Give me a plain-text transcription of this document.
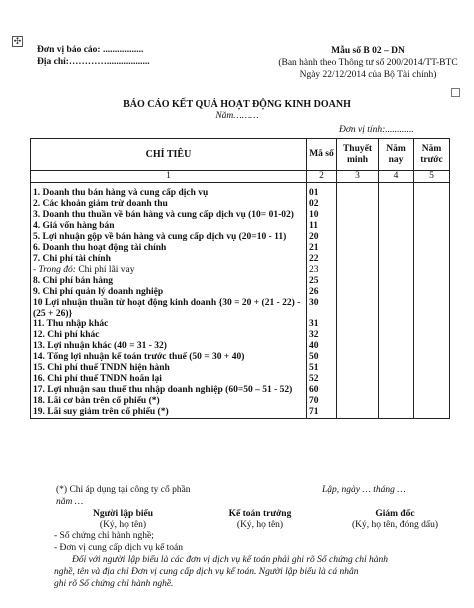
✣
Đơn vị báo cáo: .................
Địa chỉ:…………..................
Mẫu số B 02 – DN
(Ban hành theo Thông tư số 200/2014/TT-BTC
Ngày 22/12/2014 của Bộ Tài chính)
BÁO CÁO KẾT QUẢ HOẠT ĐỘNG KINH DOANH
Năm………
Đơn vị tính:............
CHỈ TIÊU	Mã số	Thuyết minh	Năm nay	Năm trước
1	2	3	4	5

1. Doanh thu bán hàng và cung cấp dịch vụ	01			
2. Các khoản giảm trừ doanh thu	02			
3. Doanh thu thuần về bán hàng và cung cấp dịch vụ (10= 01-02)	10			
4. Giá vốn hàng bán	11			
5. Lợi nhuận gộp về bán hàng và cung cấp dịch vụ (20=10 - 11)	20			
6. Doanh thu hoạt động tài chính	21			
7. Chi phí tài chính	22			
- Trong đó: Chi phí lãi vay	23			
8. Chi phí bán hàng	25			
9. Chi phí quản lý doanh nghiệp	26			
10 Lợi nhuận thuần từ hoạt động kinh doanh {30 = 20 + (21 - 22) - (25 + 26)}	30			
11. Thu nhập khác	31			
12. Chi phí khác	32			
13. Lợi nhuận khác (40 = 31 - 32)	40			
14. Tổng lợi nhuận kế toán trước thuế (50 = 30 + 40)	50			
15. Chi phí thuế TNDN hiện hành	51			
16. Chi phí thuế TNDN hoãn lại	52			
17. Lợi nhuận sau thuế thu nhập doanh nghiệp (60=50 – 51 - 52)	60			
18. Lãi cơ bản trên cổ phiếu (*)	70			
19. Lãi suy giảm trên cổ phiếu (*)	71			
(*) Chỉ áp dụng tại công ty cổ phần	Lập, ngày … tháng …
năm …
Người lập biểu
(Ký, họ tên)
Kế toán trưởng
(Ký, họ tên)
Giám đốc
(Ký, họ tên, đóng dấu)
- Số chứng chỉ hành nghề;
- Đơn vị cung cấp dịch vụ kế toán
Đối với người lập biểu là các đơn vị dịch vụ kế toán phải ghi rõ Số chứng chỉ hành
nghề, tên và địa chỉ Đơn vị cung cấp dịch vụ kế toán. Người lập biểu là cá nhân
ghi rõ Số chứng chỉ hành nghề.
